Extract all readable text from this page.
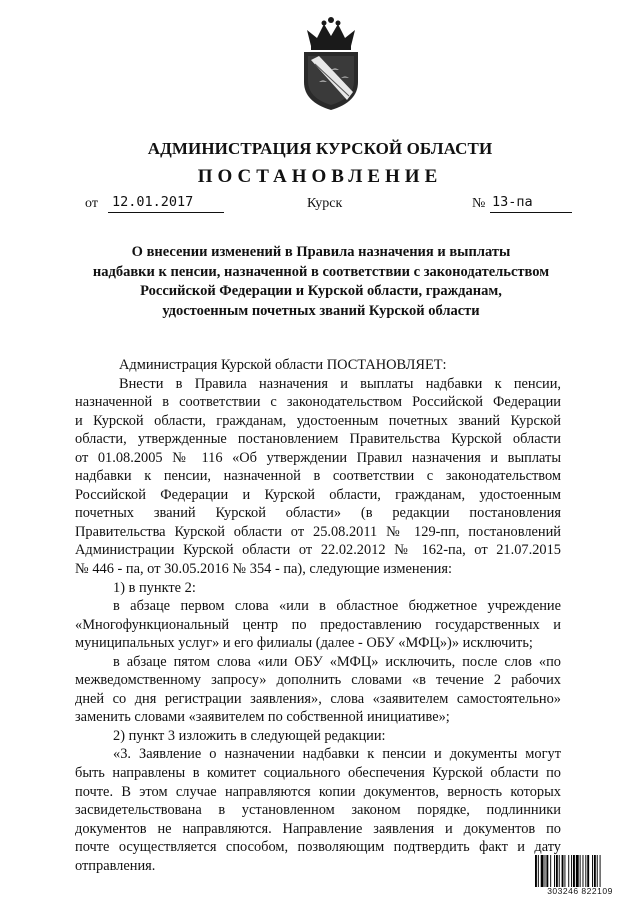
АДМИНИСТРАЦИЯ КУРСКОЙ ОБЛАСТИ
ПОСТАНОВЛЕНИЕ
от 12.01.2017	Курск	№ 13-па
О внесении изменений в Правила назначения и выплаты
надбавки к пенсии, назначенной в соответствии с законодательством
Российской Федерации и Курской области, гражданам,
удостоенным почетных званий Курской области
Администрация Курской области ПОСТАНОВЛЯЕТ:
Внести в Правила назначения и выплаты надбавки к пенсии,
назначенной в соответствии с законодательством Российской Федерации
и Курской области, гражданам, удостоенным почетных званий Курской
области, утвержденные постановлением Правительства Курской области
от 01.08.2005 № 116 «Об утверждении Правил назначения и выплаты
надбавки к пенсии, назначенной в соответствии с законодательством
Российской Федерации и Курской области, гражданам, удостоенным
почетных званий Курской области» (в редакции постановления
Правительства Курской области от 25.08.2011 № 129-пп, постановлений
Администрации Курской области от 22.02.2012 № 162-па, от 21.07.2015
№ 446 - па, от 30.05.2016 № 354 - па), следующие изменения:
1) в пункте 2:
в абзаце первом слова «или в областное бюджетное учреждение
«Многофункциональный центр по предоставлению государственных и
муниципальных услуг» и его филиалы (далее - ОБУ «МФЦ»)» исключить;
в абзаце пятом слова «или ОБУ «МФЦ» исключить, после слов «по
межведомственному запросу» дополнить словами «в течение 2 рабочих
дней со дня регистрации заявления», слова «заявителем самостоятельно»
заменить словами «заявителем по собственной инициативе»;
2) пункт 3 изложить в следующей редакции:
«3. Заявление о назначении надбавки к пенсии и документы могут
быть направлены в комитет социального обеспечения Курской области по
почте. В этом случае направляются копии документов, верность которых
засвидетельствована в установленном законом порядке, подлинники
документов не направляются. Направление заявления и документов по
почте осуществляется способом, позволяющим подтвердить факт и дату
отправления.
303246 822109
